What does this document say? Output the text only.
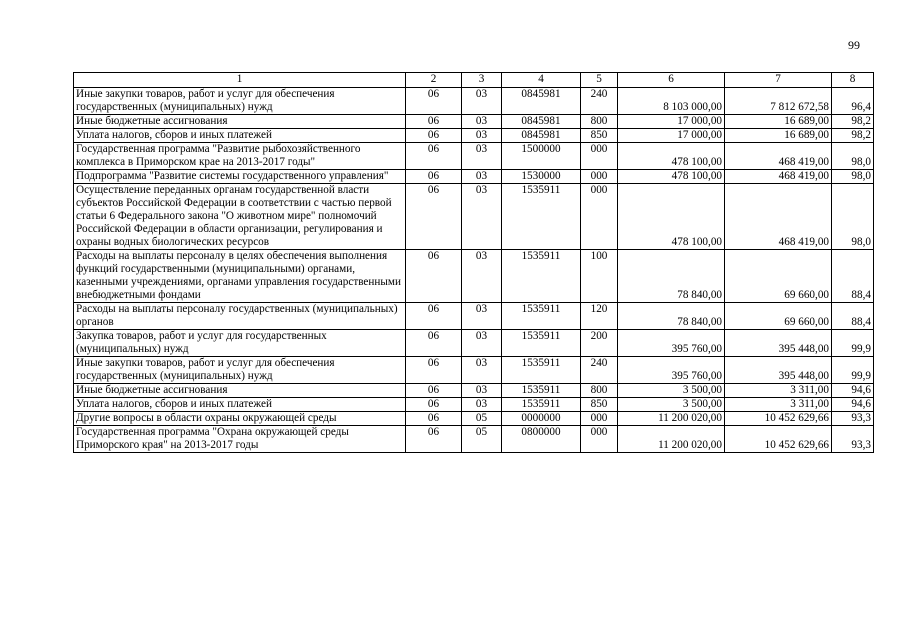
99
1	2	3	4	5	6	7	8
Иные закупки товаров, работ и услуг для обеспечения государственных (муниципальных) нужд	06	03	0845981	240	8 103 000,00	7 812 672,58	96,4
Иные бюджетные ассигнования	06	03	0845981	800	17 000,00	16 689,00	98,2
Уплата налогов, сборов и иных платежей	06	03	0845981	850	17 000,00	16 689,00	98,2
Государственная программа "Развитие рыбохозяйственного комплекса в Приморском крае на 2013-2017 годы"	06	03	1500000	000	478 100,00	468 419,00	98,0
Подпрограмма "Развитие системы государственного управления"	06	03	1530000	000	478 100,00	468 419,00	98,0
Осуществление переданных органам государственной власти субъектов Российской Федерации в соответствии с частью первой статьи 6 Федерального закона "О животном мире" полномочий Российской Федерации в области организации, регулирования и охраны водных биологических ресурсов	06	03	1535911	000	478 100,00	468 419,00	98,0
Расходы на выплаты персоналу в целях обеспечения выполнения функций государственными (муниципальными) органами, казенными учреждениями, органами управления государственными внебюджетными фондами	06	03	1535911	100	78 840,00	69 660,00	88,4
Расходы на выплаты персоналу государственных (муниципальных) органов	06	03	1535911	120	78 840,00	69 660,00	88,4
Закупка товаров, работ и услуг для государственных (муниципальных) нужд	06	03	1535911	200	395 760,00	395 448,00	99,9
Иные закупки товаров, работ и услуг для обеспечения государственных (муниципальных) нужд	06	03	1535911	240	395 760,00	395 448,00	99,9
Иные бюджетные ассигнования	06	03	1535911	800	3 500,00	3 311,00	94,6
Уплата налогов, сборов и иных платежей	06	03	1535911	850	3 500,00	3 311,00	94,6
Другие вопросы в области охраны окружающей среды	06	05	0000000	000	11 200 020,00	10 452 629,66	93,3
Государственная программа "Охрана окружающей среды Приморского края" на 2013-2017 годы	06	05	0800000	000	11 200 020,00	10 452 629,66	93,3
